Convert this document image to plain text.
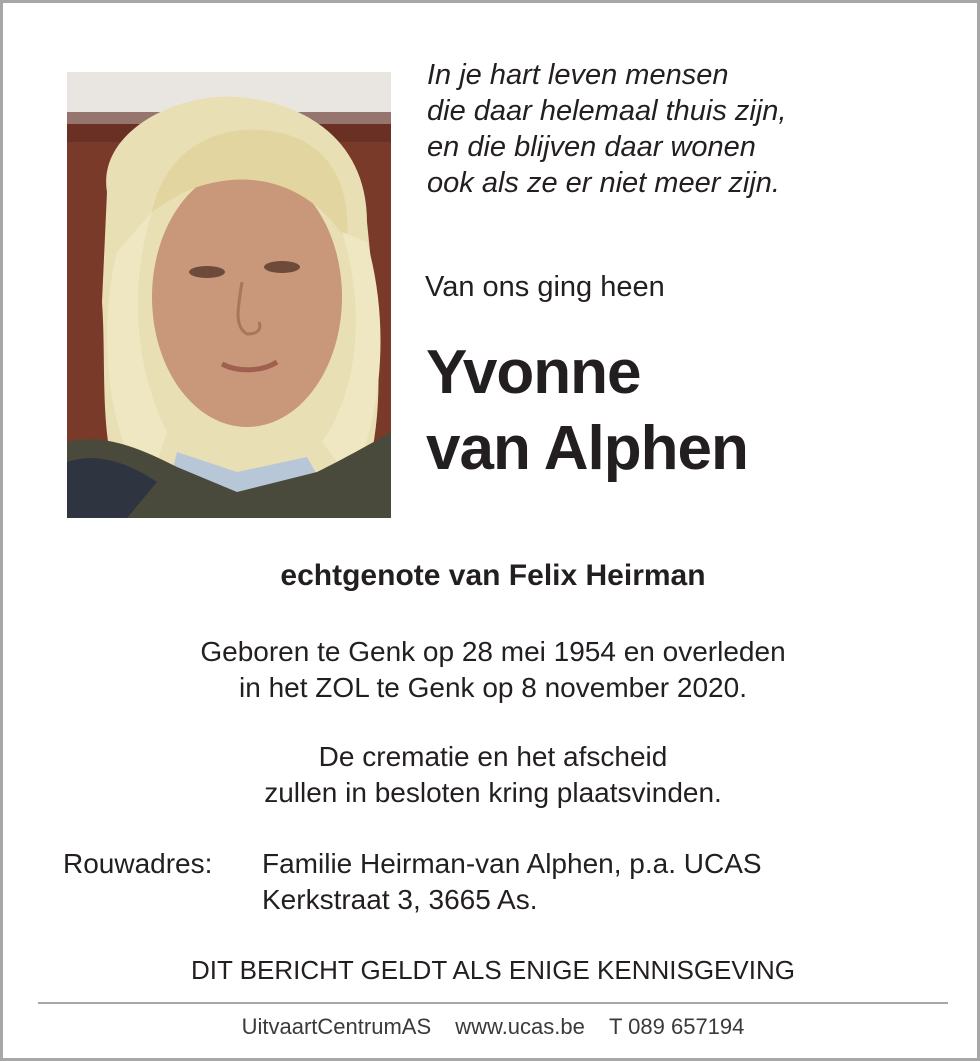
In je hart leven mensen
die daar helemaal thuis zijn,
en die blijven daar wonen
ook als ze er niet meer zijn.
Van ons ging heen
Yvonne
van Alphen
echtgenote van Felix Heirman
Geboren te Genk op 28 mei 1954 en overleden
in het ZOL te Genk op 8 november 2020.
De crematie en het afscheid
zullen in besloten kring plaatsvinden.
Rouwadres: Familie Heirman-van Alphen, p.a. UCAS
Kerkstraat 3, 3665 As.
DIT BERICHT GELDT ALS ENIGE KENNISGEVING
UitvaartCentrumAS www.ucas.be T 089 657194
